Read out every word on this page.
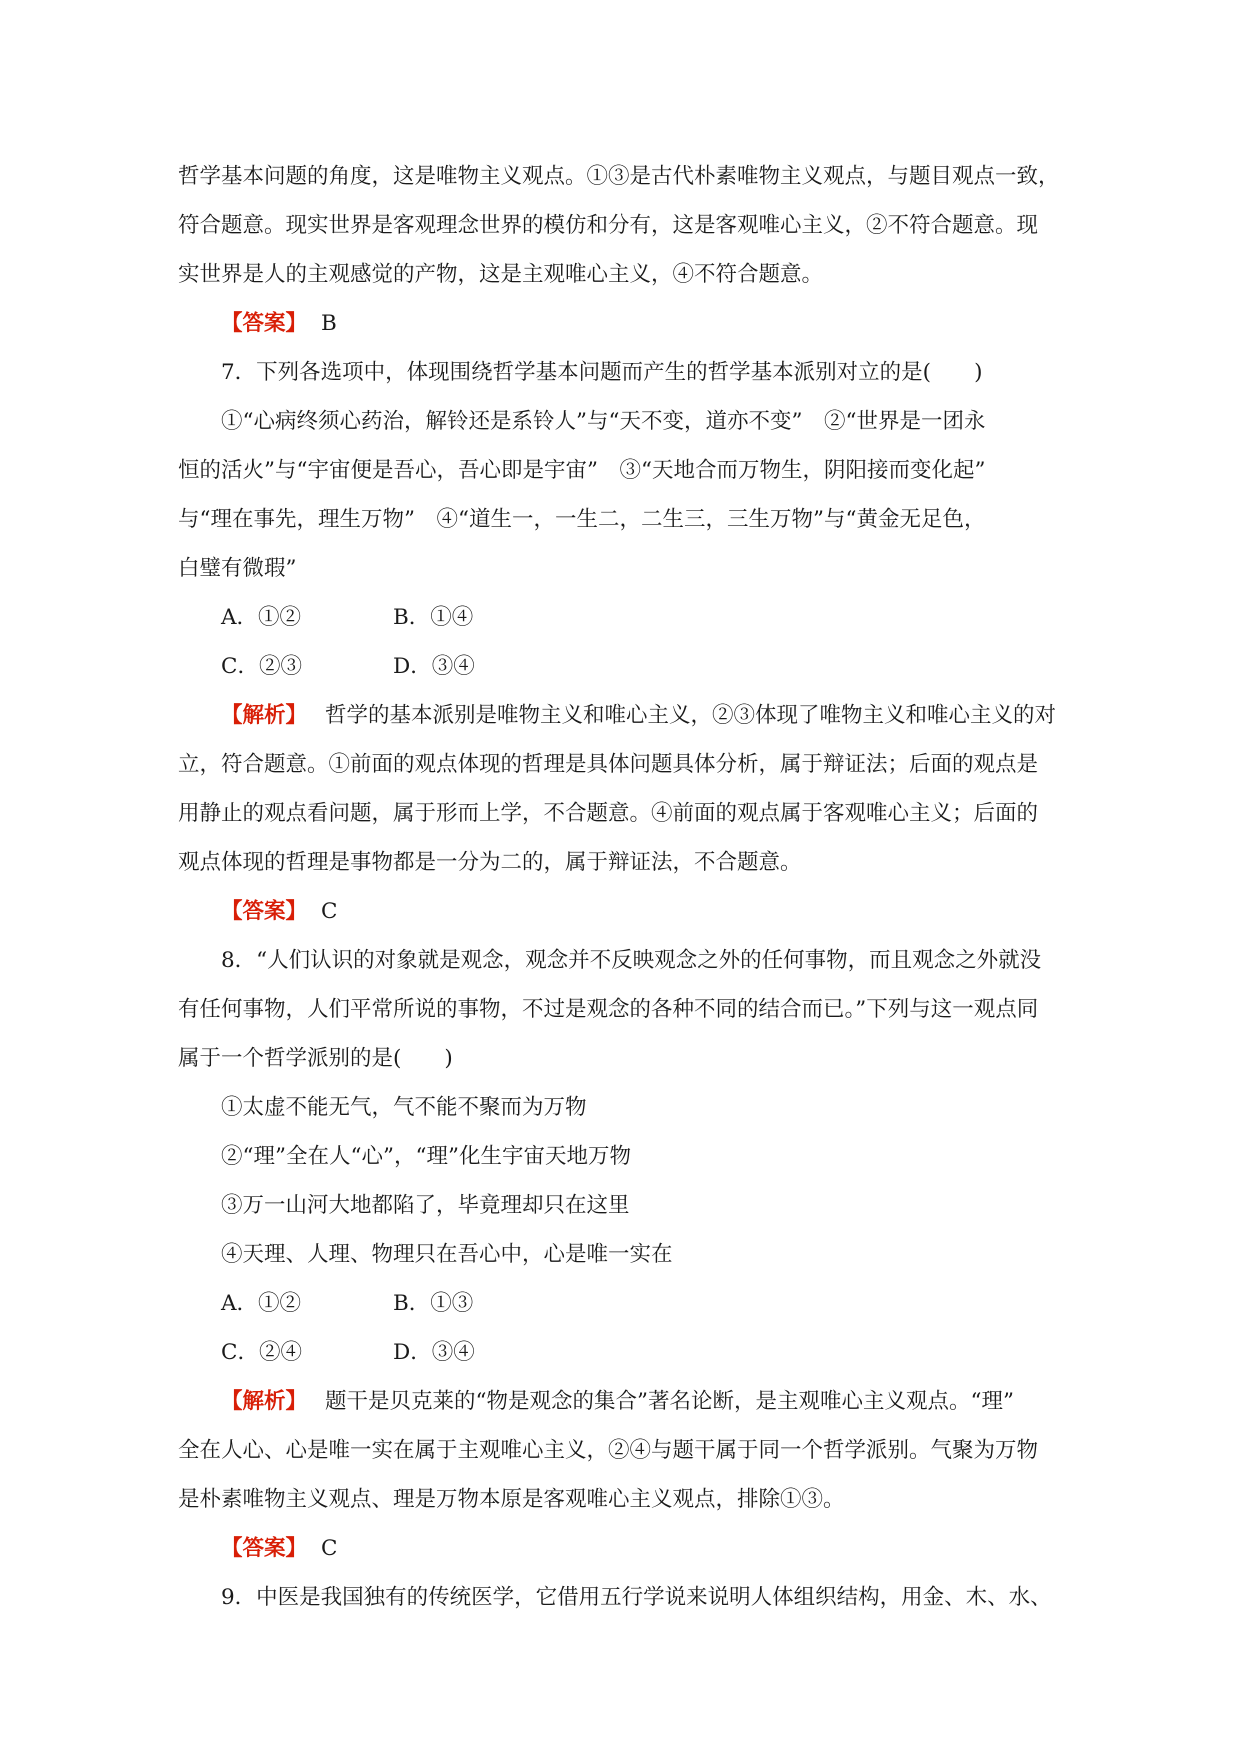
哲学基本问题的角度，这是唯物主义观点。①③是古代朴素唯物主义观点，与题目观点一致，
符合题意。现实世界是客观理念世界的模仿和分有，这是客观唯心主义，②不符合题意。现
实世界是人的主观感觉的产物，这是主观唯心主义，④不符合题意。
【答案】 B
7．下列各选项中，体现围绕哲学基本问题而产生的哲学基本派别对立的是(　　)
①“心病终须心药治，解铃还是系铃人”与“天不变，道亦不变”　②“世界是一团永
恒的活火”与“宇宙便是吾心，吾心即是宇宙”　③“天地合而万物生，阴阳接而变化起”
与“理在事先，理生万物”　④“道生一，一生二，二生三，三生万物”与“黄金无足色，
白璧有微瑕”
A．①②	B．①④
C．②③	D．③④
【解析】 哲学的基本派别是唯物主义和唯心主义，②③体现了唯物主义和唯心主义的对
立，符合题意。①前面的观点体现的哲理是具体问题具体分析，属于辩证法；后面的观点是
用静止的观点看问题，属于形而上学，不合题意。④前面的观点属于客观唯心主义；后面的
观点体现的哲理是事物都是一分为二的，属于辩证法，不合题意。
【答案】 C
8．“人们认识的对象就是观念，观念并不反映观念之外的任何事物，而且观念之外就没
有任何事物，人们平常所说的事物，不过是观念的各种不同的结合而已。”下列与这一观点同
属于一个哲学派别的是(　　)
①太虚不能无气，气不能不聚而为万物
②“理”全在人“心”，“理”化生宇宙天地万物
③万一山河大地都陷了，毕竟理却只在这里
④天理、人理、物理只在吾心中，心是唯一实在
A．①②	B．①③
C．②④	D．③④
【解析】 题干是贝克莱的“物是观念的集合”著名论断，是主观唯心主义观点。“理”
全在人心、心是唯一实在属于主观唯心主义，②④与题干属于同一个哲学派别。气聚为万物
是朴素唯物主义观点、理是万物本原是客观唯心主义观点，排除①③。
【答案】 C
9．中医是我国独有的传统医学，它借用五行学说来说明人体组织结构，用金、木、水、
